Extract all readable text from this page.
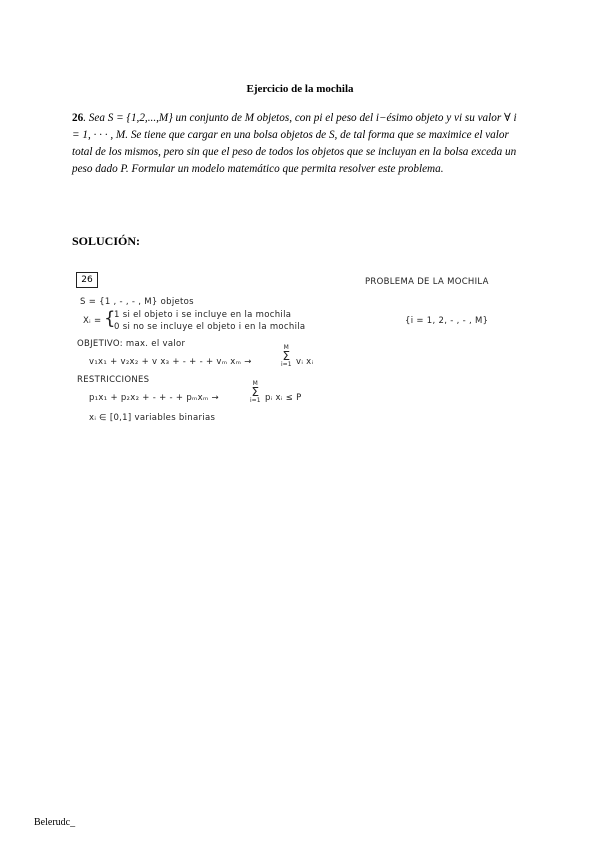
Ejercicio de la mochila
26. Sea S = {1,2,...,M} un conjunto de M objetos, con pi el peso del i−ésimo objeto y vi su valor ∀ i = 1, · · · , M. Se tiene que cargar en una bolsa objetos de S, de tal forma que se maximice el valor total de los mismos, pero sin que el peso de todos los objetos que se incluyan en la bolsa exceda un peso dado P. Formular un modelo matemático que permita resolver este problema.
SOLUCIÓN:
26	PROBLEMA DE LA MOCHILA
S = {1 , - , - , M} objetos
Xᵢ = {
1 si el objeto i se incluye en la mochila
0 si no se incluye el objeto i en la mochila
{i = 1, 2, - , - , M}
OBJETIVO: max. el valor
v₁x₁ + v₂x₂ + v x₃ + - + - + vₘ xₘ →
M
Σ
i=1 vᵢ xᵢ
RESTRICCIONES
p₁x₁ + p₂x₂ + - + - + pₘxₘ →
M
Σ
i=1 pᵢ xᵢ ≤ P
xᵢ ∈ [0,1] variables binarias
Belerudc_
